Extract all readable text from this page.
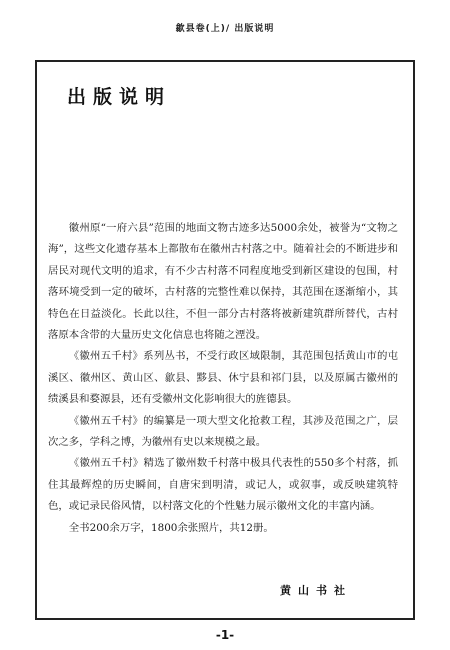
歙县卷(上)/ 出版说明
出版说明

徽州原“一府六县”范围的地面文物古迹多达5000余处，被誉为“文物之海”，这些文化遗存基本上都散布在徽州古村落之中。随着社会的不断进步和居民对现代文明的追求，有不少古村落不同程度地受到新区建设的包围，村落环境受到一定的破坏，古村落的完整性难以保持，其范围在逐渐缩小，其特色在日益淡化。长此以往，不但一部分古村落将被新建筑群所替代，古村落原本含带的大量历史文化信息也将随之湮没。

《徽州五千村》系列丛书，不受行政区域限制，其范围包括黄山市的屯溪区、徽州区、黄山区、歙县、黟县、休宁县和祁门县，以及原属古徽州的绩溪县和婺源县，还有受徽州文化影响很大的旌德县。

《徽州五千村》的编纂是一项大型文化抢救工程，其涉及范围之广，层次之多，学科之博，为徽州有史以来规模之最。

《徽州五千村》精选了徽州数千村落中极具代表性的550多个村落，抓住其最辉煌的历史瞬间，自唐宋到明清，或记人，或叙事，或反映建筑特色，或记录民俗风情，以村落文化的个性魅力展示徽州文化的丰富内涵。

全书200余万字，1800余张照片，共12册。

黄山书社
-1-
